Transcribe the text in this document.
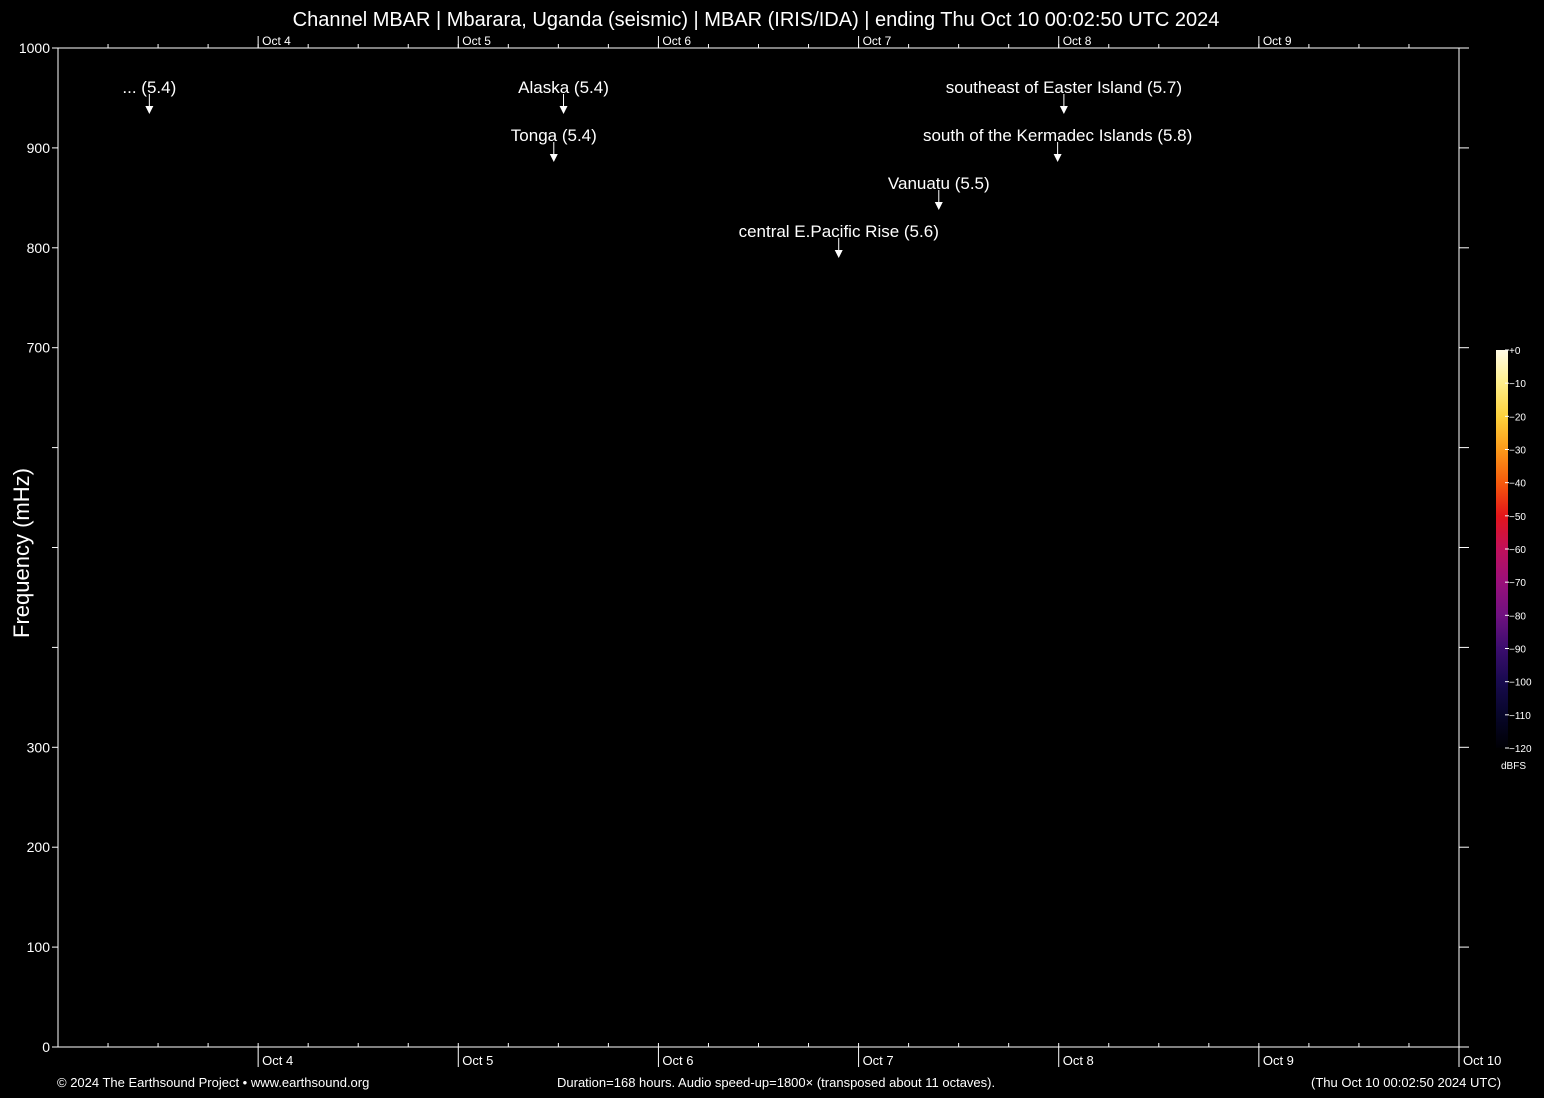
Channel MBAR | Mbarara, Uganda (seismic) | MBAR (IRIS/IDA) | ending Thu Oct 10 00:02:50 UTC 2024
Frequency (mHz)
1000
900
800
700
300
200
100
0
Oct 4	Oct 5	Oct 6	Oct 7	Oct 8	Oct 9	Oct 10
Oct 4	Oct 5	Oct 6	Oct 7	Oct 8	Oct 9
... (5.4)	Alaska (5.4)
Tonga (5.4)
southeast of Easter Island (5.7)
south of the Kermadec Islands (5.8)
Vanuatu (5.5)
central E.Pacific Rise (5.6)
+0
−10
−20
−30
−40
−50
−60
−70
−80
−90
−100
−110
−120
© 2024 The Earthsound Project • www.earthsound.org	Duration=168 hours. Audio speed-up=1800× (transposed about 11 octaves).	(Thu Oct 10 00:02:50 2024 UTC)
dBFS
